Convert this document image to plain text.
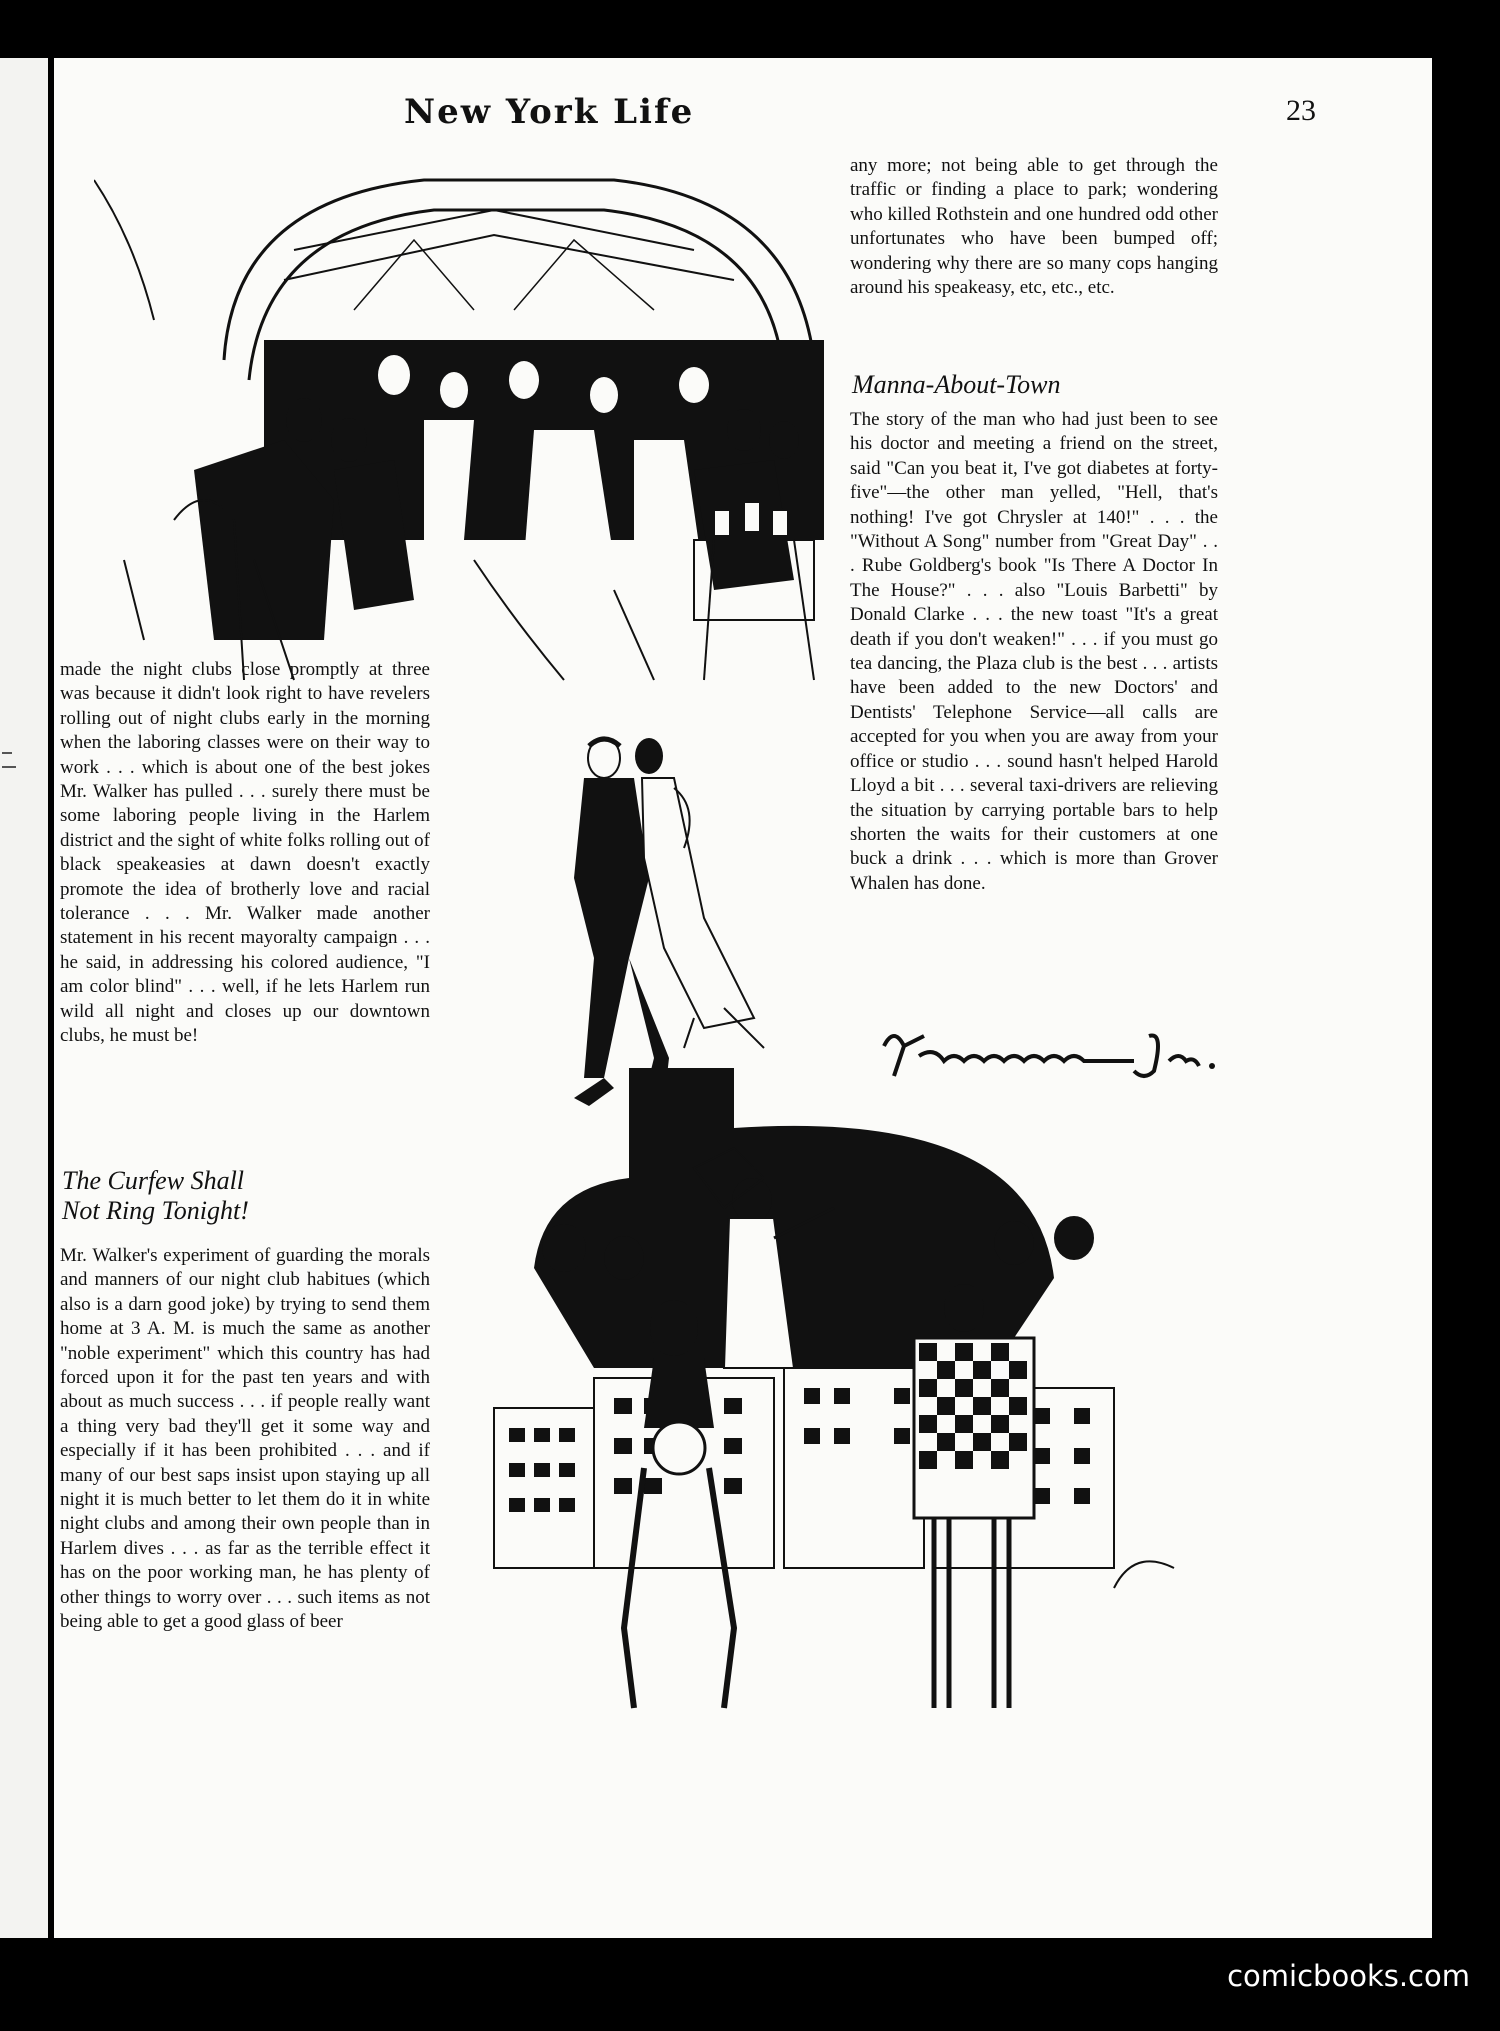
New York Life	23

made the night clubs close promptly at three was because it didn't look right to have revelers rolling out of night clubs early in the morning when the laboring classes were on their way to work . . . which is about one of the best jokes Mr. Walker has pulled . . . surely there must be some laboring people living in the Harlem district and the sight of white folks rolling out of black speakeasies at dawn doesn't exactly promote the idea of brotherly love and racial tolerance . . . Mr. Walker made another statement in his recent mayoralty campaign . . . he said, in addressing his colored audience, "I am color blind" . . . well, if he lets Harlem run wild all night and closes up our downtown clubs, he must be!

The Curfew Shall
Not Ring Tonight!

Mr. Walker's experiment of guarding the morals and manners of our night club habitues (which also is a darn good joke) by trying to send them home at 3 A. M. is much the same as another "noble experiment" which this country has had forced upon it for the past ten years and with about as much success . . . if people really want a thing very bad they'll get it some way and especially if it has been prohibited . . . and if many of our best saps insist upon staying up all night it is much better to let them do it in white night clubs and among their own people than in Harlem dives . . . as far as the terrible effect it has on the poor working man, he has plenty of other things to worry over . . . such items as not being able to get a good glass of beer

any more; not being able to get through the traffic or finding a place to park; wondering who killed Rothstein and one hundred odd other unfortunates who have been bumped off; wondering why there are so many cops hanging around his speakeasy, etc, etc., etc.

Manna-About-Town

The story of the man who had just been to see his doctor and meeting a friend on the street, said "Can you beat it, I've got diabetes at forty-five"—the other man yelled, "Hell, that's nothing! I've got Chrysler at 140!" . . . the "Without A Song" number from "Great Day" . . . Rube Goldberg's book "Is There A Doctor In The House?" . . . also "Louis Barbetti" by Donald Clarke . . . the new toast "It's a great death if you don't weaken!" . . . if you must go tea dancing, the Plaza club is the best . . . artists have been added to the new Doctors' and Dentists' Telephone Service—all calls are accepted for you when you are away from your office or studio . . . sound hasn't helped Harold Lloyd a bit . . . several taxi-drivers are relieving the situation by carrying portable bars to help shorten the waits for their customers at one buck a drink . . . which is more than Grover Whalen has done.

comicbooks.com
